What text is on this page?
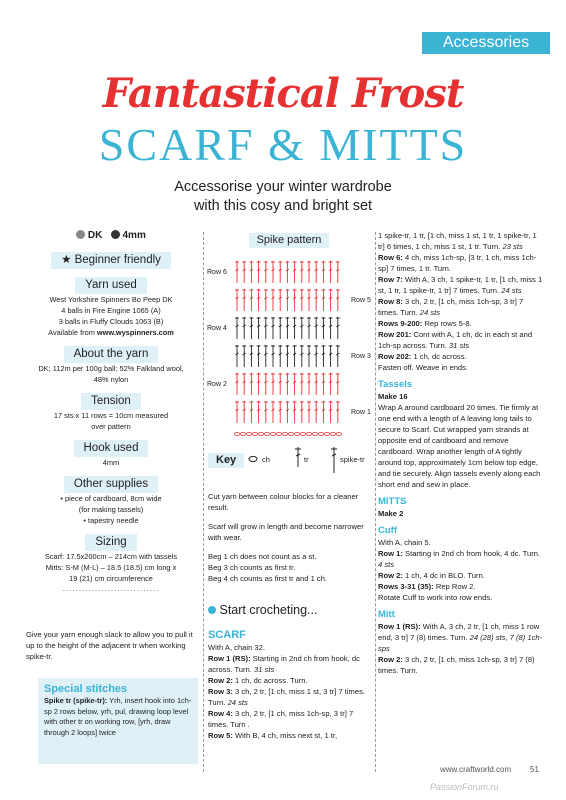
Accessories
Fantastical Frost
SCARF & MITTS
Accessorise your winter wardrobe
with this cosy and bright set
DK 4mm
★ Beginner friendly
Yarn used
West Yorkshire Spinners Bo Peep DK
4 balls in Fire Engine 1065 (A)
3 balls in Fluffy Clouds 1063 (B)
Available from www.wyspinners.com
About the yarn
DK; 112m per 100g ball; 52% Falkland wool,
48% nylon
Tension
17 sts x 11 rows = 10cm measured
over pattern
Hook used
4mm
Other supplies
• piece of cardboard, 8cm wide
(for making tassels)
• tapestry needle
Sizing
Scarf: 17.5x200cm – 214cm with tassels
Mitts: S-M (M-L) – 18.5 (18.5) cm long x
19 (21) cm circumference
..............................
Give your yarn enough slack to allow you to pull it up to the height of the adjacent tr when working spike-tr.
Special stitches
Spike tr (spike-tr): Yrh, insert hook into 1ch-sp 2 rows below, yrh, pul, drawing loop level with other tr on working row, [yrh, draw through 2 loops] twice
Spike pattern
Row 6
Row 4
Row 2
Row 5
Row 3
Row 1
Key	ch	tr	spike-tr
Cut yarn between colour blocks for a cleaner result.
Scarf will grow in length and become narrower with wear.
Beg 1 ch does not count as a st.
Beg 3 ch counts as first tr.
Beg 4 ch counts as first tr and 1 ch.
Start crocheting...
SCARF
With A, chain 32.
Row 1 (RS): Starting in 2nd ch from hook, dc across. Turn. 31 sts
Row 2: 1 ch, dc across. Turn.
Row 3: 3 ch, 2 tr, [1 ch, miss 1 st, 3 tr] 7 times. Turn. 24 sts
Row 4: 3 ch, 2 tr, [1 ch, miss 1ch-sp, 3 tr] 7 times. Turn .
Row 5: With B, 4 ch, miss next st, 1 tr,
1 spike-tr, 1 tr, [1 ch, miss 1 st, 1 tr, 1 spike-tr, 1 tr] 6 times, 1 ch, miss 1 st, 1 tr. Turn. 23 sts
Row 6: 4 ch, miss 1ch-sp, [3 tr, 1 ch, miss 1ch-sp] 7 times, 1 tr. Turn.
Row 7: With A, 3 ch, 1 spike-tr, 1 tr, [1 ch, miss 1 st, 1 tr, 1 spike-tr, 1 tr] 7 times. Turn. 24 sts
Row 8: 3 ch, 2 tr, [1 ch, miss 1ch-sp, 3 tr] 7 times. Turn. 24 sts
Rows 9-200: Rep rows 5-8.
Row 201: Cont with A, 1 ch, dc in each st and 1ch-sp across. Turn. 31 sts
Row 202: 1 ch, dc across.
Fasten off. Weave in ends.
Tassels
Make 16
Wrap A around cardboard 20 times. Tie firmly at one end with a length of A leaving long tails to secure to Scarf. Cut wrapped yarn strands at opposite end of cardboard and remove cardboard. Wrap another length of A tightly around top, approximately 1cm below top edge, and tie securely. Align tassels evenly along each short end and sew in place.
MITTS
Make 2
Cuff
With A, chain 5.
Row 1: Starting in 2nd ch from hook, 4 dc. Turn. 4 sts
Row 2: 1 ch, 4 dc in BLO. Turn.
Rows 3-31 (35): Rep Row 2.
Rotate Cuff to work into row ends.
Mitt
Row 1 (RS): With A, 3 ch, 2 tr, [1 ch, miss 1 row end, 3 tr] 7 (8) times. Turn. 24 (28) sts, 7 (8) 1ch-sps
Row 2: 3 ch, 2 tr, [1 ch, miss 1ch-sp, 3 tr] 7 (8) times. Turn.
www.craftworld.com 51
PassionForum.ru
